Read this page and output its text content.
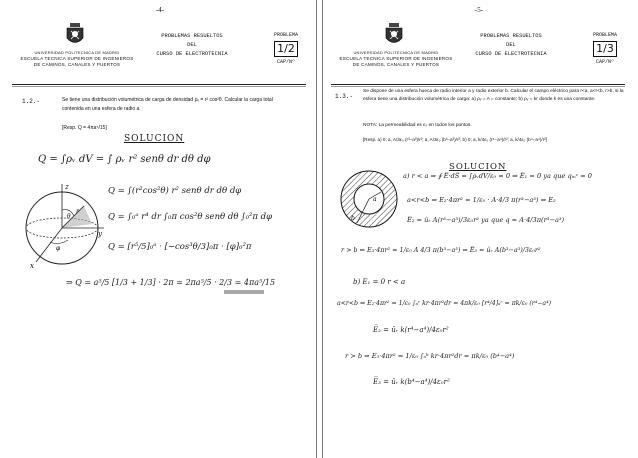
-4-
UNIVERSIDAD POLITECNICA DE MADRID
ESCUELA TECNICA SUPERIOR DE INGENIEROS
DE CAMINOS, CANALES Y PUERTOS
PROBLEMAS RESUELTOS
DEL
CURSO DE ELECTROTECNIA
PROBLEMA
1/2
CAP/Nº
1.2.-	Se tiene una distribución volumétrica de carga de densidad ρᵥ = r² cos²θ. Calcular la carga total contenida en una esfera de radio a.
[Resp. Q = 4πa⁵/15]
SOLUCION
Q = ∫ρᵥ dV = ∫ ρᵥ r² senθ dr dθ dφ
z
y
x
r
θ
φ
Q = ∫(r²cos²θ) r² senθ dr dθ dφ
Q = ∫₀ᵃ r⁴ dr ∫₀π cos²θ senθ dθ ∫₀²π dφ
Q = [r⁵/5]₀ᵃ · [−cos³θ/3]₀π · [φ]₀²π
⇒ Q = a⁵/5 [1/3 + 1/3] · 2π = 2πa⁵/5 · 2/3 = 4πa⁵/15
-5-
UNIVERSIDAD POLITECNICA DE MADRID
ESCUELA TECNICA SUPERIOR DE INGENIEROS
DE CAMINOS, CANALES Y PUERTOS
PROBLEMAS RESUELTOS
DEL
CURSO DE ELECTROTECNIA
PROBLEMA
1/3
CAP/Nº
1.3.-
Se dispone de una esfera hueca de radio interior a y radio exterior b. Calcular el campo eléctrico para r<a, a<r<b, r>b, si la esfera tiene una distribución volumétrica de carga: a) ρᵥ = A = constante; b) ρᵥ = kr donde k es una constante.
NOTA: La permeabilidad es ε₀ en todos los puntos.
[Resp. a) 0; a, A/3ε₀ (r³−a³)/r²; a, A/3ε₀ (b³−a³)/r²; b) 0; a, k/4ε₀ (r⁴−a⁴)/r²; a, k/4ε₀ (b⁴−a⁴)/r²]
SOLUCION
a
b
a) r < a ⇒ ∮ E̅·dS̅ = ∫ρᵥdV/ε₀ = 0 ⇒ E̅₁ = 0 ya que qᵢₙᶜ = 0
a<r<b ⇒ E₂·4πr² = 1/ε₀ · A·4/3 π(r³−a³) ⇒ E₂
E̅₂ = ûᵣ A(r³−a³)/3ε₀r² ya que q = A·4/3π(r³−a³)
r > b ⇒ E₃·4πr² = 1/ε₀ A 4/3 π(b³−a³) ⇒ E̅₃ = ûᵣ A(b³−a³)/3ε₀r²
b) E₁ = 0 r < a
a<r<b ⇒ E₂·4πr² = 1/ε₀ ∫ₐʳ kr·4πr²dr = 4πk/ε₀ [r⁴/4]ₐʳ = πk/ε₀ (r⁴−a⁴)
E̅₂ = ûᵣ k(r⁴−a⁴)/4ε₀r²
r > b ⇒ E₃·4πr² = 1/ε₀ ∫ₐᵇ kr·4πr²dr = πk/ε₀ (b⁴−a⁴)
E̅₃ = ûᵣ k(b⁴−a⁴)/4ε₀r²
